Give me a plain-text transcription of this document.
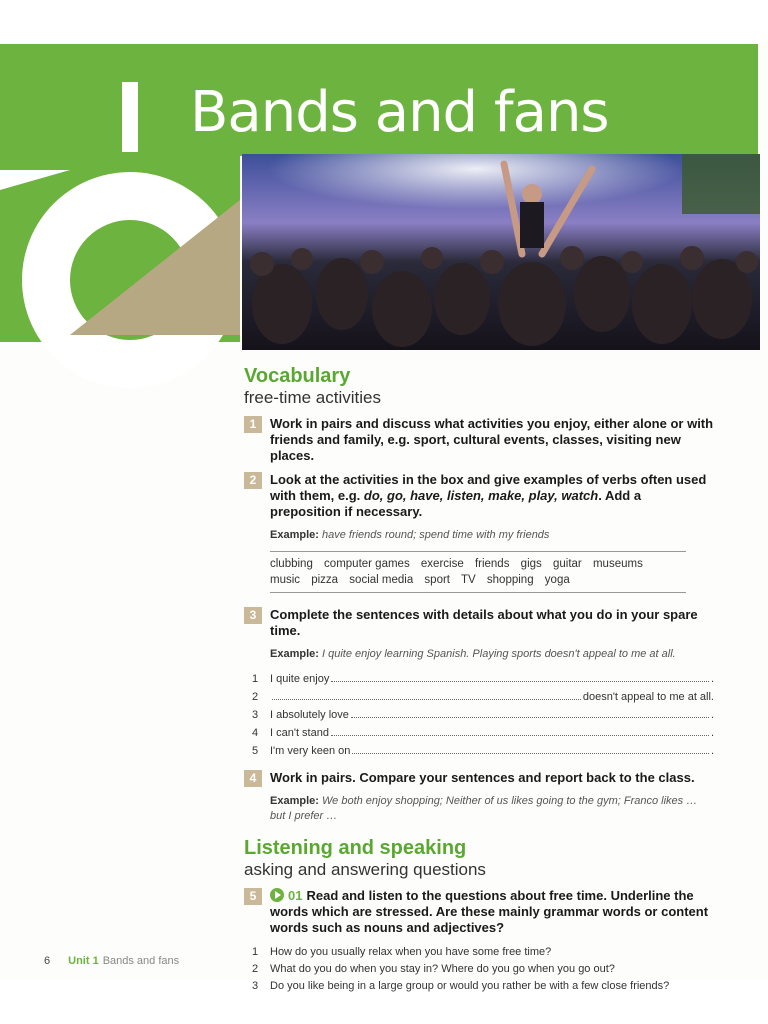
Bands and fans
Vocabulary
free-time activities
1	Work in pairs and discuss what activities you enjoy, either alone or with friends and family, e.g. sport, cultural events, classes, visiting new places.
2	Look at the activities in the box and give examples of verbs often used with them, e.g. do, go, have, listen, make, play, watch. Add a preposition if necessary.
Example: have friends round; spend time with my friends
clubbing computer games exercise friends gigs guitar museums music pizza social media sport TV shopping yoga
3	Complete the sentences with details about what you do in your spare time.
Example: I quite enjoy learning Spanish. Playing sports doesn't appeal to me at all.
1 I quite enjoy	.
2	doesn't appeal to me at all.
3 I absolutely love	.
4 I can't stand	.
5 I'm very keen on	.
4	Work in pairs. Compare your sentences and report back to the class.
Example: We both enjoy shopping; Neither of us likes going to the gym; Franco likes … but I prefer …
Listening and speaking
asking and answering questions
5	01 Read and listen to the questions about free time. Underline the words which are stressed. Are these mainly grammar words or content words such as nouns and adjectives?
1 How do you usually relax when you have some free time?
2 What do you do when you stay in? Where do you go when you go out?
3 Do you like being in a large group or would you rather be with a few close friends?
6 Unit 1 Bands and fans
